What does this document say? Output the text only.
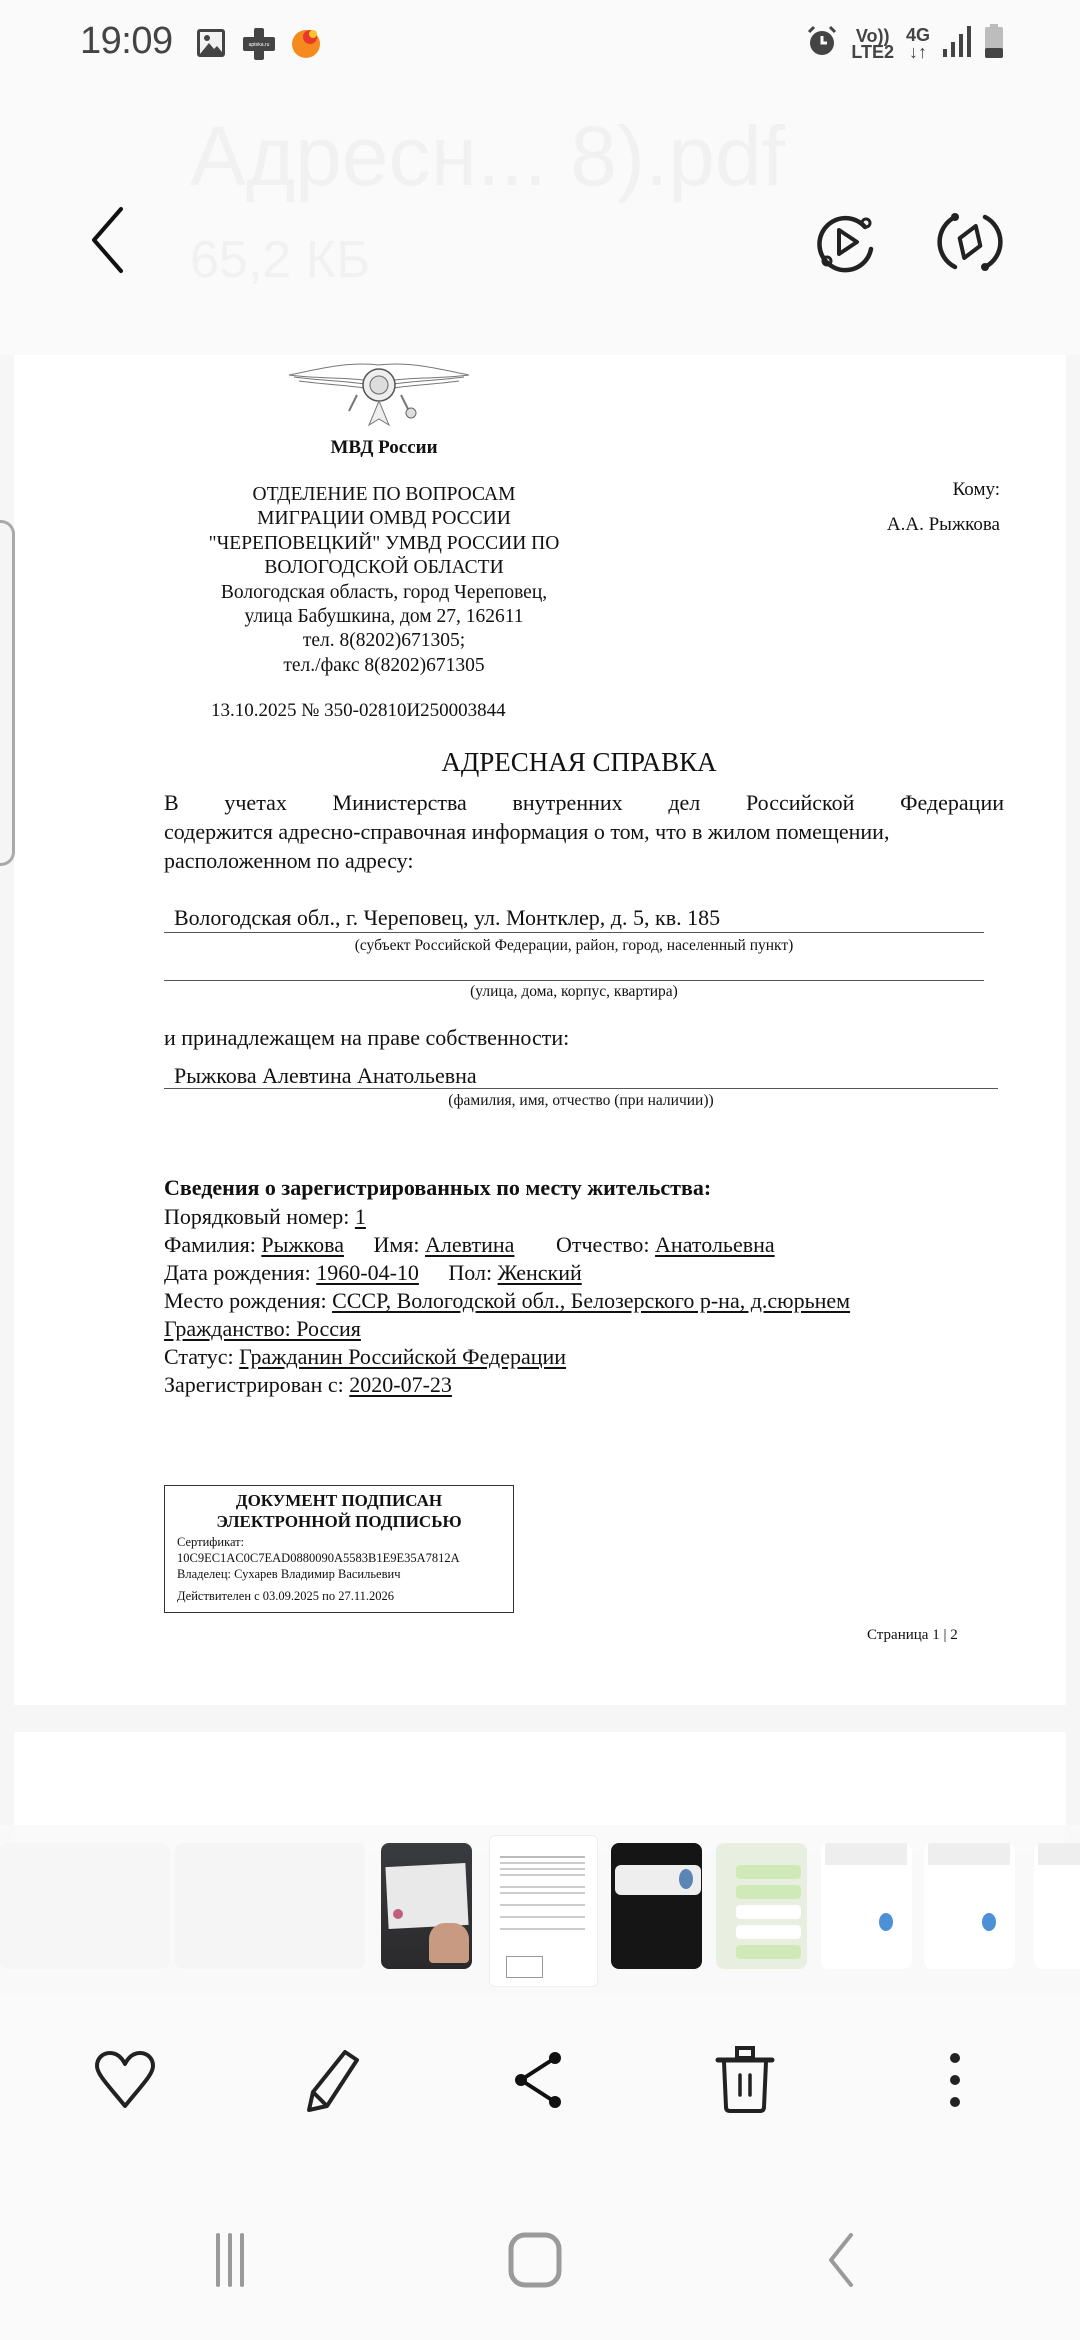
19:09	apteka.ru	Vo))
LTE2
4G
↓↑
Адресн... 8).pdf
65,2 КБ
МВД России
ОТДЕЛЕНИЕ ПО ВОПРОСАМ
МИГРАЦИИ ОМВД РОССИИ
"ЧЕРЕПОВЕЦКИЙ" УМВД РОССИИ ПО
ВОЛОГОДСКОЙ ОБЛАСТИ
Вологодская область, город Череповец,
улица Бабушкина, дом 27, 162611
тел. 8(8202)671305;
тел./факс 8(8202)671305
13.10.2025 № 350-02810И250003844
Кому:
А.А. Рыжкова
АДРЕСНАЯ СПРАВКА
В учетах Министерства внутренних дел Российской Федерации
содержится адресно-справочная информация о том, что в жилом помещении,
расположенном по адресу:
Вологодская обл., г. Череповец, ул. Монтклер, д. 5, кв. 185
(субъект Российской Федерации, район, город, населенный пункт)
(улица, дома, корпус, квартира)
и принадлежащем на праве собственности:
Рыжкова Алевтина Анатольевна
(фамилия, имя, отчество (при наличии))
Сведения о зарегистрированных по месту жительства:
Порядковый номер: 1
Фамилия: Рыжкова Имя: Алевтина Отчество: Анатольевна
Дата рождения: 1960-04-10 Пол: Женский
Место рождения: СССР, Вологодской обл., Белозерского р-на, д.сюрьнем
Гражданство: Россия
Статус: Гражданин Российской Федерации
Зарегистрирован с: 2020-07-23
ДОКУМЕНТ ПОДПИСАН
ЭЛЕКТРОННОЙ ПОДПИСЬЮ
Сертификат:
10C9EC1AC0C7EAD0880090A5583B1E9E35A7812A
Владелец: Сухарев Владимир Васильевич
Действителен с 03.09.2025 по 27.11.2026
Страница 1 | 2
